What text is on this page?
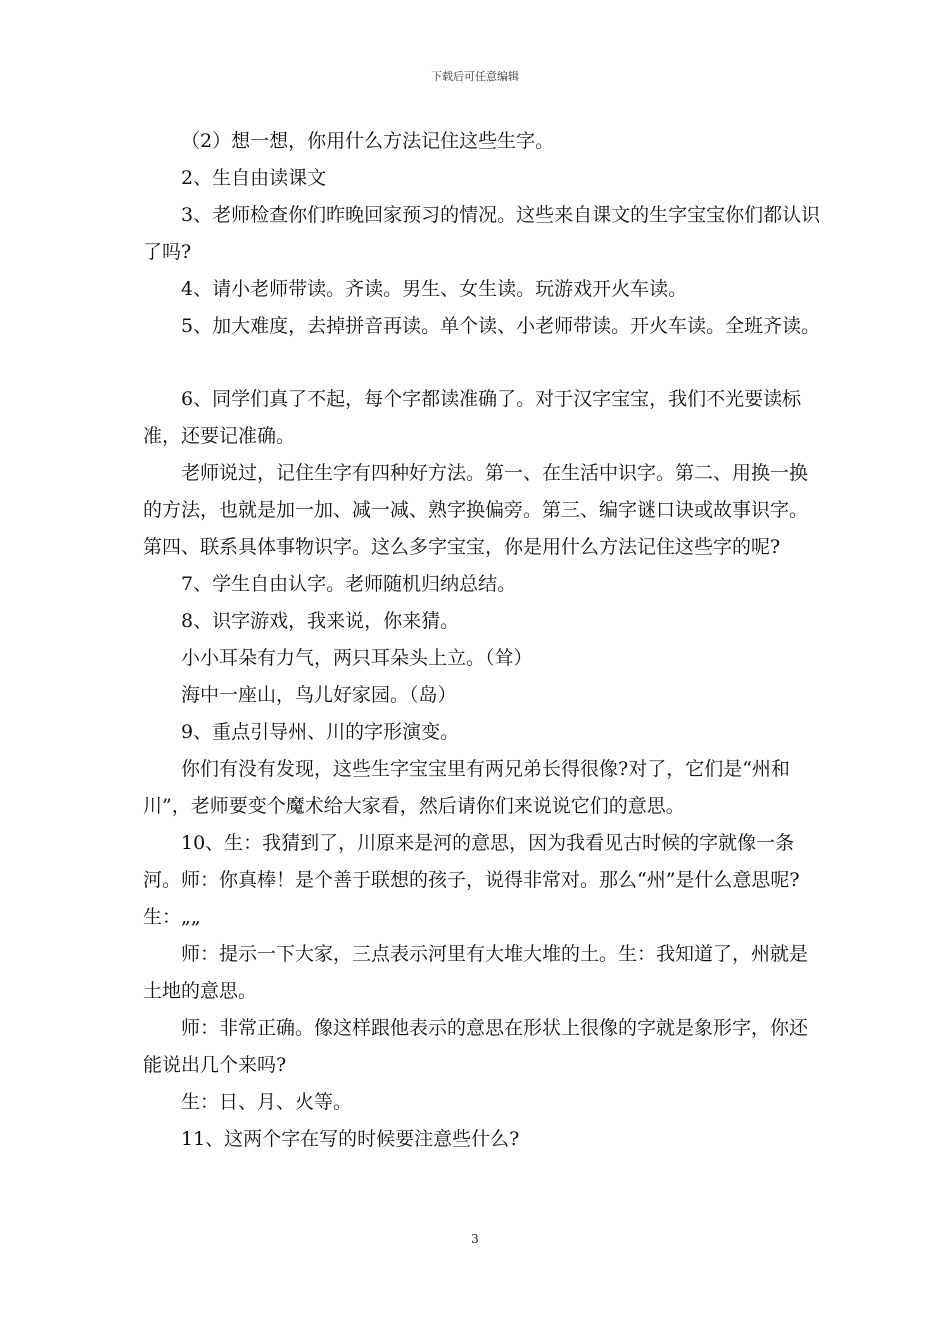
下载后可任意编辑

（2）想一想，你用什么方法记住这些生字。

2、生自由读课文

3、老师检查你们昨晚回家预习的情况。这些来自课文的生字宝宝你们都认识了吗?

4、请小老师带读。齐读。男生、女生读。玩游戏开火车读。

5、加大难度，去掉拼音再读。单个读、小老师带读。开火车读。全班齐读。

6、同学们真了不起，每个字都读准确了。对于汉字宝宝，我们不光要读标准，还要记准确。

老师说过，记住生字有四种好方法。第一、在生活中识字。第二、用换一换的方法，也就是加一加、减一减、熟字换偏旁。第三、编字谜口诀或故事识字。第四、联系具体事物识字。这么多字宝宝，你是用什么方法记住这些字的呢?

7、学生自由认字。老师随机归纳总结。

8、识字游戏，我来说，你来猜。

小小耳朵有力气，两只耳朵头上立。（耸）

海中一座山，鸟儿好家园。（岛）

9、重点引导州、川的字形演变。

你们有没有发现，这些生字宝宝里有两兄弟长得很像?对了，它们是“州和川”，老师要变个魔术给大家看，然后请你们来说说它们的意思。

10、生：我猜到了，川原来是河的意思，因为我看见古时候的字就像一条河。师：你真棒！是个善于联想的孩子，说得非常对。那么“州”是什么意思呢?生：„„

师：提示一下大家，三点表示河里有大堆大堆的土。生：我知道了，州就是土地的意思。

师：非常正确。像这样跟他表示的意思在形状上很像的字就是象形字，你还能说出几个来吗?

生：日、月、火等。

11、这两个字在写的时候要注意些什么?

3
